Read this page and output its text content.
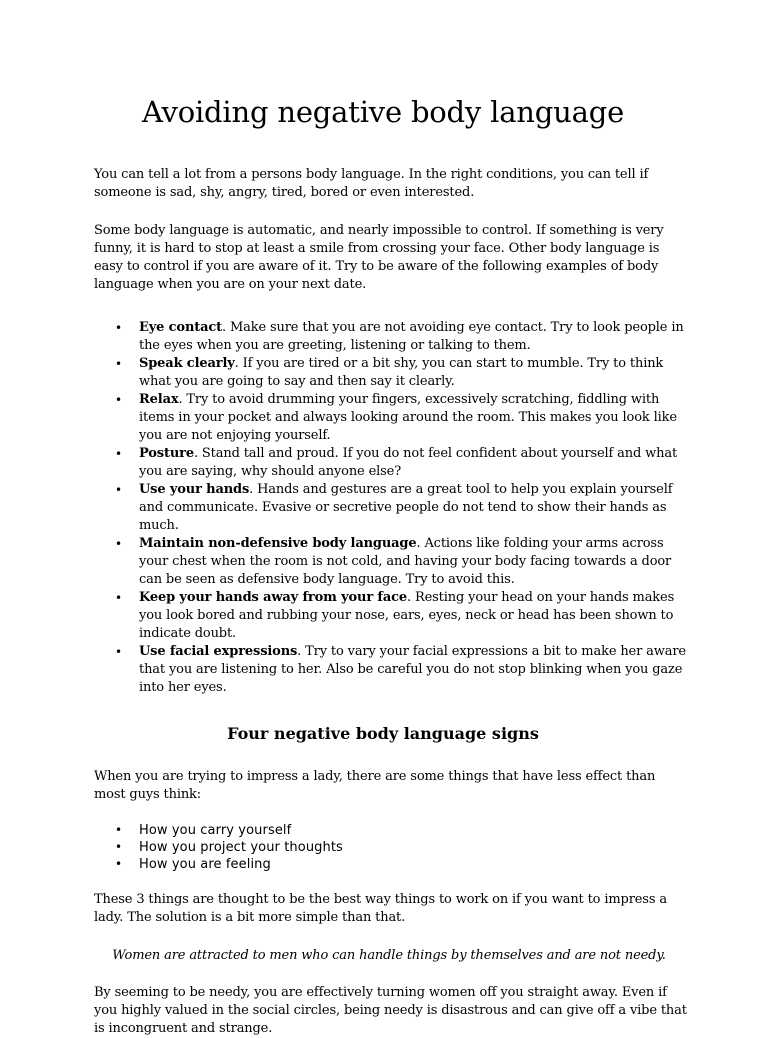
Avoiding negative body language

You can tell a lot from a persons body language. In the right conditions, you can tell if someone is sad, shy, angry, tired, bored or even interested.

Some body language is automatic, and nearly impossible to control. If something is very funny, it is hard to stop at least a smile from crossing your face. Other body language is easy to control if you are aware of it. Try to be aware of the following examples of body language when you are on your next date.

• Eye contact. Make sure that you are not avoiding eye contact. Try to look people in the eyes when you are greeting, listening or talking to them.
• Speak clearly. If you are tired or a bit shy, you can start to mumble. Try to think what you are going to say and then say it clearly.
• Relax. Try to avoid drumming your fingers, excessively scratching, fiddling with items in your pocket and always looking around the room. This makes you look like you are not enjoying yourself.
• Posture. Stand tall and proud. If you do not feel confident about yourself and what you are saying, why should anyone else?
• Use your hands. Hands and gestures are a great tool to help you explain yourself and communicate. Evasive or secretive people do not tend to show their hands as much.
• Maintain non-defensive body language. Actions like folding your arms across your chest when the room is not cold, and having your body facing towards a door can be seen as defensive body language. Try to avoid this.
• Keep your hands away from your face. Resting your head on your hands makes you look bored and rubbing your nose, ears, eyes, neck or head has been shown to indicate doubt.
• Use facial expressions. Try to vary your facial expressions a bit to make her aware that you are listening to her. Also be careful you do not stop blinking when you gaze into her eyes.
Four negative body language signs

When you are trying to impress a lady, there are some things that have less effect than most guys think:

• How you carry yourself
• How you project your thoughts
• How you are feeling

These 3 things are thought to be the best way things to work on if you want to impress a lady. The solution is a bit more simple than that.

Women are attracted to men who can handle things by themselves and are not needy.

By seeming to be needy, you are effectively turning women off you straight away. Even if you highly valued in the social circles, being needy is disastrous and can give off a vibe that is incongruent and strange.
